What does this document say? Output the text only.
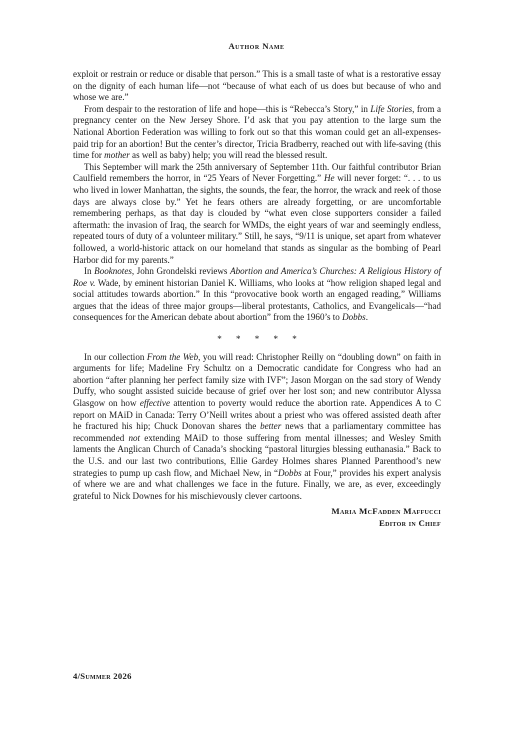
Author Name

exploit or restrain or reduce or disable that person.” This is a small taste of what is a restorative essay on the dignity of each human life—not “because of what each of us does but because of who and whose we are.”

From despair to the restoration of life and hope—this is “Rebecca’s Story,” in Life Stories, from a pregnancy center on the New Jersey Shore. I’d ask that you pay attention to the large sum the National Abortion Federation was willing to fork out so that this woman could get an all-expenses-paid trip for an abortion! But the center’s director, Tricia Bradberry, reached out with life-saving (this time for mother as well as baby) help; you will read the blessed result.

This September will mark the 25th anniversary of September 11th. Our faithful contributor Brian Caulfield remembers the horror, in “25 Years of Never Forgetting.” He will never forget: “. . . to us who lived in lower Manhattan, the sights, the sounds, the fear, the horror, the wrack and reek of those days are always close by.” Yet he fears others are already forgetting, or are uncomfortable remembering perhaps, as that day is clouded by “what even close supporters consider a failed aftermath: the invasion of Iraq, the search for WMDs, the eight years of war and seemingly endless, repeated tours of duty of a volunteer military.” Still, he says, “9/11 is unique, set apart from whatever followed, a world-historic attack on our homeland that stands as singular as the bombing of Pearl Harbor did for my parents.”

In Booknotes, John Grondelski reviews Abortion and America’s Churches: A Religious History of Roe v. Wade, by eminent historian Daniel K. Williams, who looks at “how religion shaped legal and social attitudes towards abortion.” In this “provocative book worth an engaged reading,” Williams argues that the ideas of three major groups—liberal protestants, Catholics, and Evangelicals—“had consequences for the American debate about abortion” from the 1960’s to Dobbs.

* * * * *

In our collection From the Web, you will read: Christopher Reilly on “doubling down” on faith in arguments for life; Madeline Fry Schultz on a Democratic candidate for Congress who had an abortion “after planning her perfect family size with IVF”; Jason Morgan on the sad story of Wendy Duffy, who sought assisted suicide because of grief over her lost son; and new contributor Alyssa Glasgow on how effective attention to poverty would reduce the abortion rate. Appendices A to C report on MAiD in Canada: Terry O’Neill writes about a priest who was offered assisted death after he fractured his hip; Chuck Donovan shares the better news that a parliamentary committee has recommended not extending MAiD to those suffering from mental illnesses; and Wesley Smith laments the Anglican Church of Canada’s shocking “pastoral liturgies blessing euthanasia.” Back to the U.S. and our last two contributions, Ellie Gardey Holmes shares Planned Parenthood’s new strategies to pump up cash flow, and Michael New, in “Dobbs at Four,” provides his expert analysis of where we are and what challenges we face in the future. Finally, we are, as ever, exceedingly grateful to Nick Downes for his mischievously clever cartoons.

Maria McFadden Maffucci
Editor in Chief
4/Summer 2026
